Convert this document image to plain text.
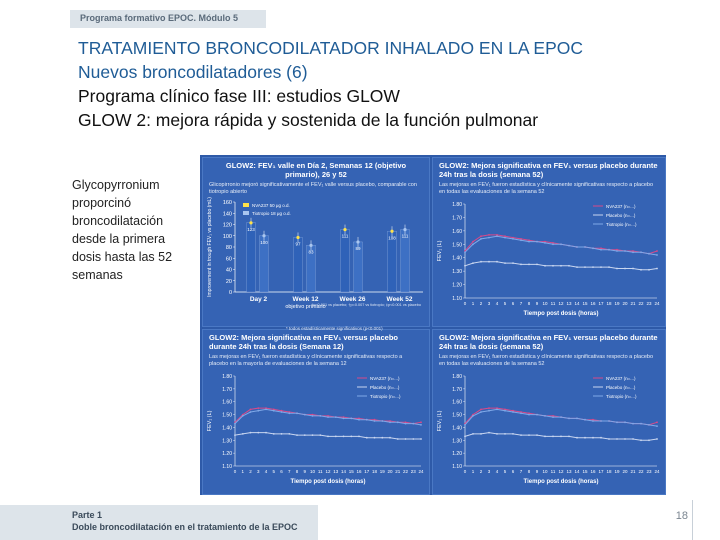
Programa formativo EPOC. Módulo 5
TRATAMIENTO BRONCODILATADOR INHALADO EN LA EPOC
Nuevos broncodilatadores (6)
Programa clínico fase III: estudios GLOW
GLOW 2: mejora rápida y sostenida de la función pulmonar
Glycopyrronium proporcinó broncodilatación desde la primera dosis hasta las 52 semanas
GLOW2: FEV₁ valle en Día 2, Semanas 12 (objetivo primario), 26 y 52
Glicopirronio mejoró significativamente el FEV₁ valle versus placebo, comparable con tiotropio abierto
Improvement in trough FEV₁ vs placebo (mL)	0
20
40
60
80
100
120
140
160	NVA237 50 μg o.d.
Tiotropio 18 μg o.d.
Day 2
123
100
Week 12
objetivo primario
97
83
Week 26
111
89
Week 52
108 111
*p<0.001 vs placebo; †p=0.007 vs tiotropio; ‡p<0.001 vs placebo
GLOW2: Mejora significativa en FEV₁ versus placebo durante 24h tras la dosis (semana 52)
Las mejoras en FEV₁ fueron estadística y clínicamente significativas respecto a placebo en todas las evaluaciones de la semana 52
FEV₁ (L)
1.10
1.20
1.30
1.40
1.50
1.60
1.70
1.80
0 1 2 3 4 5 6 7 8 9 10 11 12 13 14 15 16 17 18 19 20 21 22 23 24
Tiempo post dosis (horas)
NVA237 (n=...)
Placebo (n=...)
Tiotropio (n=...)
GLOW2: Mejora significativa en FEV₁ versus placebo durante 24h tras la dosis (Semana 12)
Las mejoras en FEV₁ fueron estadística y clínicamente significativas respecto a placebo en la mayoría de evaluaciones de la semana 12
FEV₁ (L)
1.10
1.20
1.30
1.40
1.50
1.60
1.70
1.80
0 1 2 3 4 5 6 7 8 9 10 11 12 13 14 15 16 17 18 19 20 21 22 23 24
Tiempo post dosis (horas)
NVA237 (n=...)
Placebo (n=...)
Tiotropio (n=...)
GLOW2: Mejora significativa en FEV₁ versus placebo durante 24h tras la dosis (semana 52)
Las mejoras en FEV₁ fueron estadística y clínicamente significativas respecto a placebo en todas las evaluaciones de la semana 52
FEV₁ (L)
1.10
1.20
1.30
1.40
1.50
1.60
1.70
1.80
0 1 2 3 4 5 6 7 8 9 10 11 12 13 14 15 16 17 18 19 20 21 22 23 24
Tiempo post dosis (horas)
NVA237 (n=...)
Placebo (n=...)
Tiotropio (n=...)
* todos estadísticamente significativos (p<0.001)
Parte 1
Doble broncodilatación en el tratamiento de la EPOC
18
